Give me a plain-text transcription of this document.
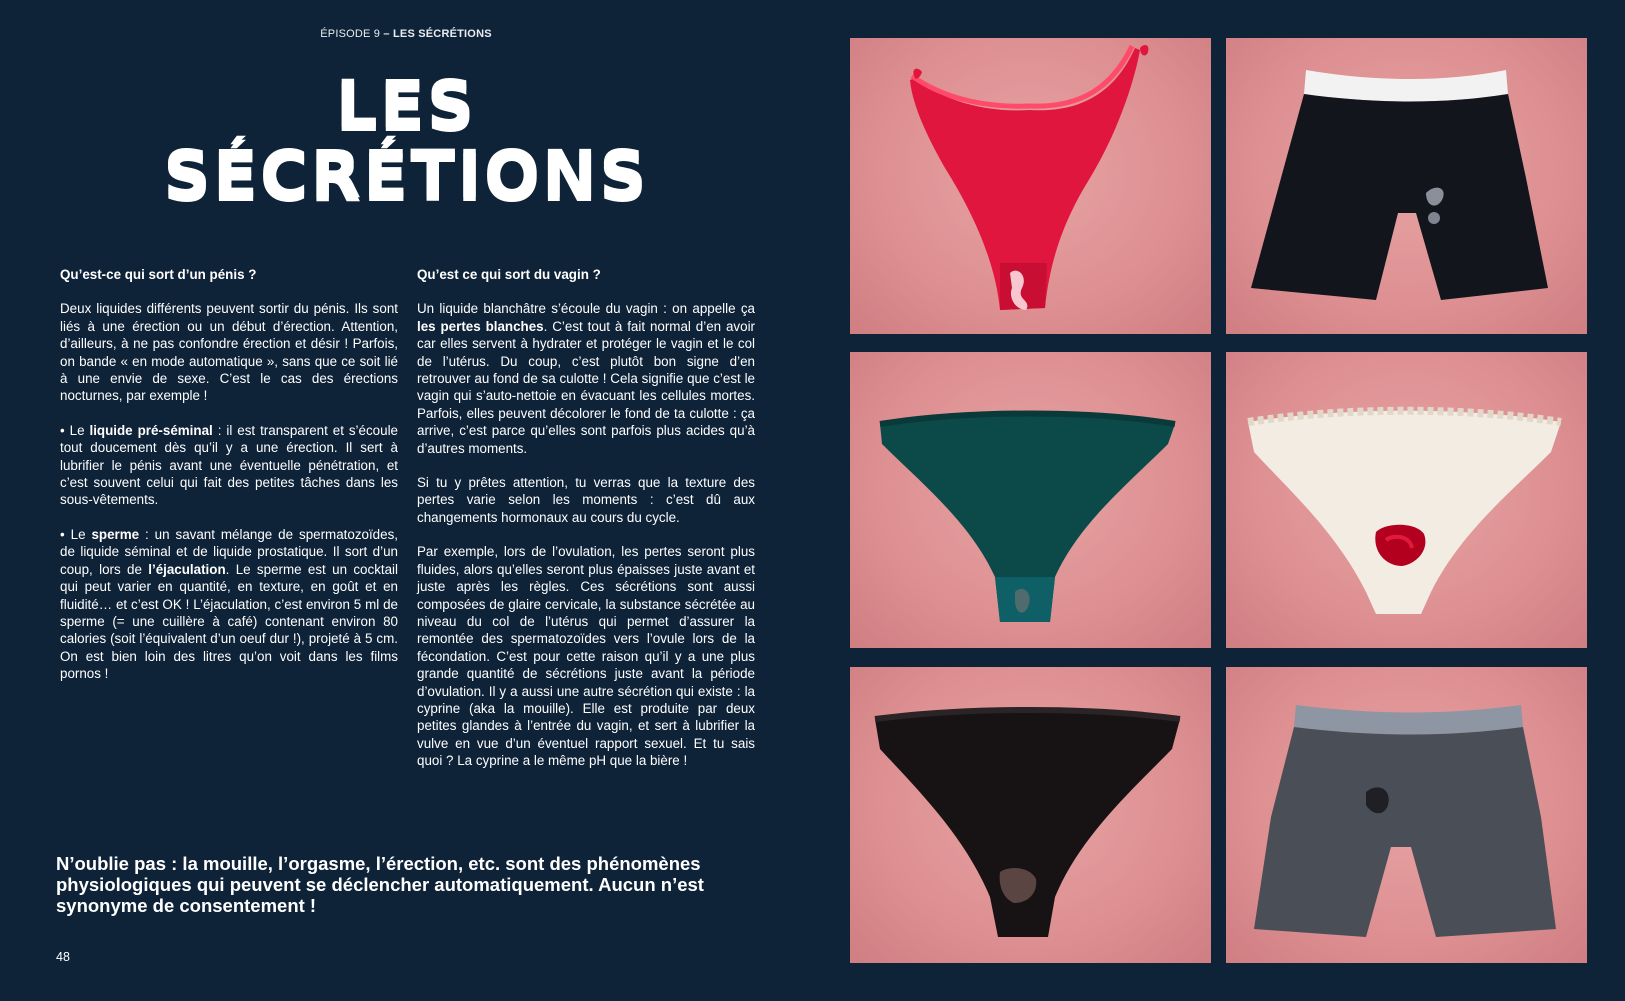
ÉPISODE 9 – LES SÉCRÉTIONS
LES
SÉCRÉTIONS
Qu’est-ce qui sort d’un pénis ?

Deux liquides différents peuvent sortir du pénis. Ils sont liés à une érection ou un début d’érection. Attention, d’ailleurs, à ne pas confondre érection et désir ! Parfois, on bande « en mode automatique », sans que ce soit lié à une envie de sexe. C’est le cas des érections nocturnes, par exemple !

• Le liquide pré-séminal : il est transparent et s’écoule tout doucement dès qu’il y a une érection. Il sert à lubrifier le pénis avant une éventuelle pénétration, et c’est souvent celui qui fait des petites tâches dans les sous-vêtements.

• Le sperme : un savant mélange de spermatozoïdes, de liquide séminal et de liquide prostatique. Il sort d’un coup, lors de l’éjaculation. Le sperme est un cocktail qui peut varier en quantité, en texture, en goût et en fluidité… et c’est OK ! L’éjaculation, c’est environ 5 ml de sperme (= une cuillère à café) contenant environ 80 calories (soit l’équivalent d’un oeuf dur !), projeté à 5 cm. On est bien loin des litres qu’on voit dans les films pornos !

Qu’est ce qui sort du vagin ?

Un liquide blanchâtre s’écoule du vagin : on appelle ça les pertes blanches. C’est tout à fait normal d’en avoir car elles servent à hydrater et protéger le vagin et le col de l’utérus. Du coup, c’est plutôt bon signe d’en retrouver au fond de sa culotte ! Cela signifie que c’est le vagin qui s’auto-nettoie en évacuant les cellules mortes. Parfois, elles peuvent décolorer le fond de ta culotte : ça arrive, c’est parce qu’elles sont parfois plus acides qu’à d’autres moments.

Si tu y prêtes attention, tu verras que la texture des pertes varie selon les moments : c’est dû aux changements hormonaux au cours du cycle.

Par exemple, lors de l’ovulation, les pertes seront plus fluides, alors qu’elles seront plus épaisses juste avant et juste après les règles. Ces sécrétions sont aussi composées de glaire cervicale, la substance sécrétée au niveau du col de l’utérus qui permet d’assurer la remontée des spermatozoïdes vers l’ovule lors de la fécondation. C’est pour cette raison qu’il y a une plus grande quantité de sécrétions juste avant la période d’ovulation. Il y a aussi une autre sécrétion qui existe : la cyprine (aka la mouille). Elle est produite par deux petites glandes à l’entrée du vagin, et sert à lubrifier la vulve en vue d’un éventuel rapport sexuel. Et tu sais quoi ? La cyprine a le même pH que la bière !

N’oublie pas : la mouille, l’orgasme, l’érection, etc. sont des phénomènes physiologiques qui peuvent se déclencher automatiquement. Aucun n’est synonyme de consentement !
48
